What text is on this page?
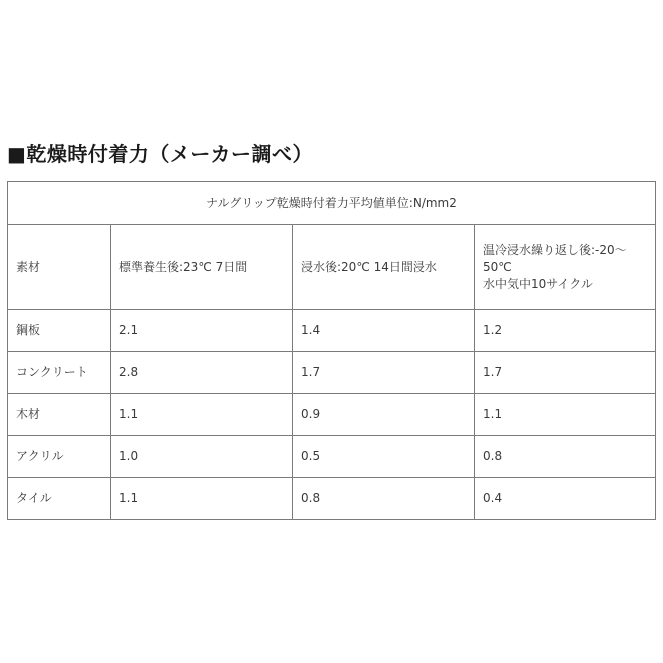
■乾燥時付着力（メーカー調べ）
ナルグリップ乾燥時付着力平均値単位:N/mm2			
素材	標準養生後:23℃ 7日間	浸水後:20℃ 14日間浸水	温冷浸水繰り返し後:-20～50℃
水中気中10サイクル
鋼板	2.1	1.4	1.2
コンクリート	2.8	1.7	1.7
木材	1.1	0.9	1.1
アクリル	1.0	0.5	0.8
タイル	1.1	0.8	0.4
